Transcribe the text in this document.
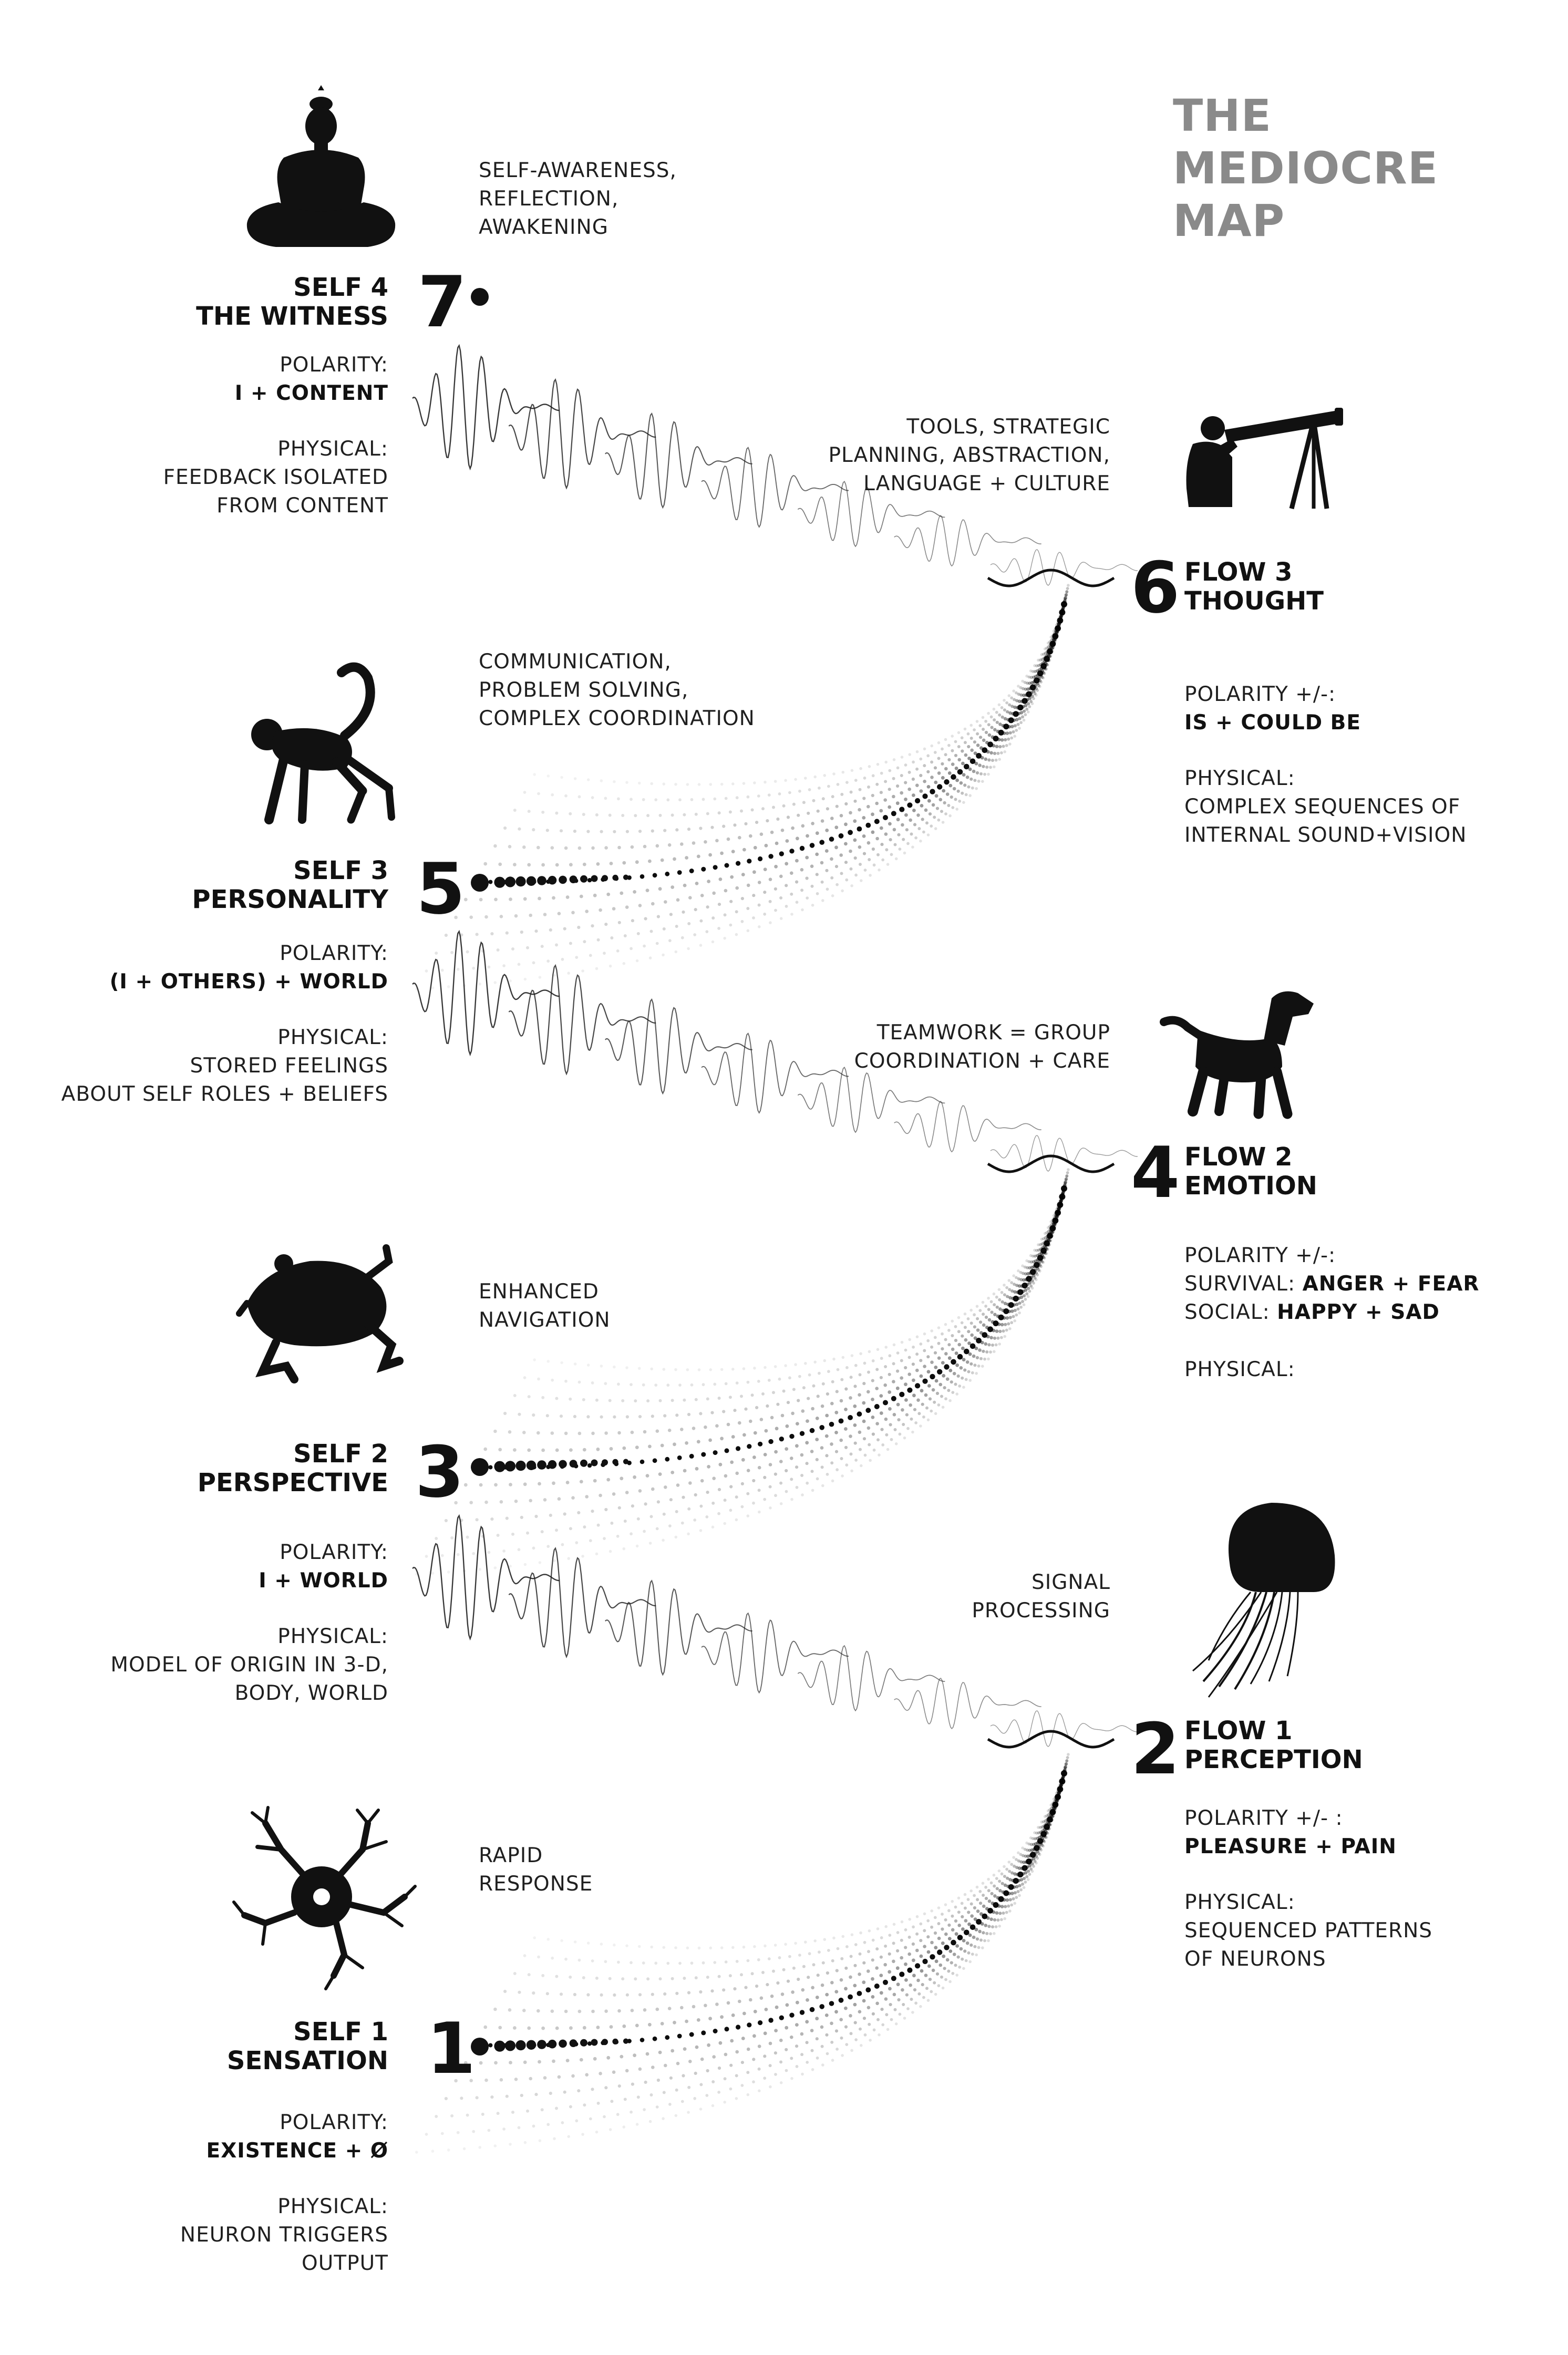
THE
MEDIOCRE
MAP
7
SELF 4
THE WITNESS
POLARITY:
I + CONTENT
PHYSICAL:
FEEDBACK ISOLATED
FROM CONTENT
SELF-AWARENESS,
REFLECTION,
AWAKENING
6 FLOW 3
THOUGHT
POLARITY +/-:
IS + COULD BE
PHYSICAL:
COMPLEX SEQUENCES OF
INTERNAL SOUND+VISION
TOOLS, STRATEGIC
PLANNING, ABSTRACTION,
LANGUAGE + CULTURE
5
SELF 3
PERSONALITY
POLARITY:
(I + OTHERS) + WORLD
PHYSICAL:
STORED FEELINGS
ABOUT SELF ROLES + BELIEFS
COMMUNICATION,
PROBLEM SOLVING,
COMPLEX COORDINATION
4 FLOW 2
EMOTION
POLARITY +/-:
SURVIVAL: ANGER + FEAR
SOCIAL: HAPPY + SAD
PHYSICAL:
TEAMWORK = GROUP
COORDINATION + CARE
3
SELF 2
PERSPECTIVE
POLARITY:
I + WORLD
PHYSICAL:
MODEL OF ORIGIN IN 3-D,
BODY, WORLD
ENHANCED
NAVIGATION
2 FLOW 1
PERCEPTION
POLARITY +/- :
PLEASURE + PAIN
PHYSICAL:
SEQUENCED PATTERNS
OF NEURONS
SIGNAL
PROCESSING
1
SELF 1
SENSATION
POLARITY:
EXISTENCE + Ø
PHYSICAL:
NEURON TRIGGERS
OUTPUT
RAPID
RESPONSE
